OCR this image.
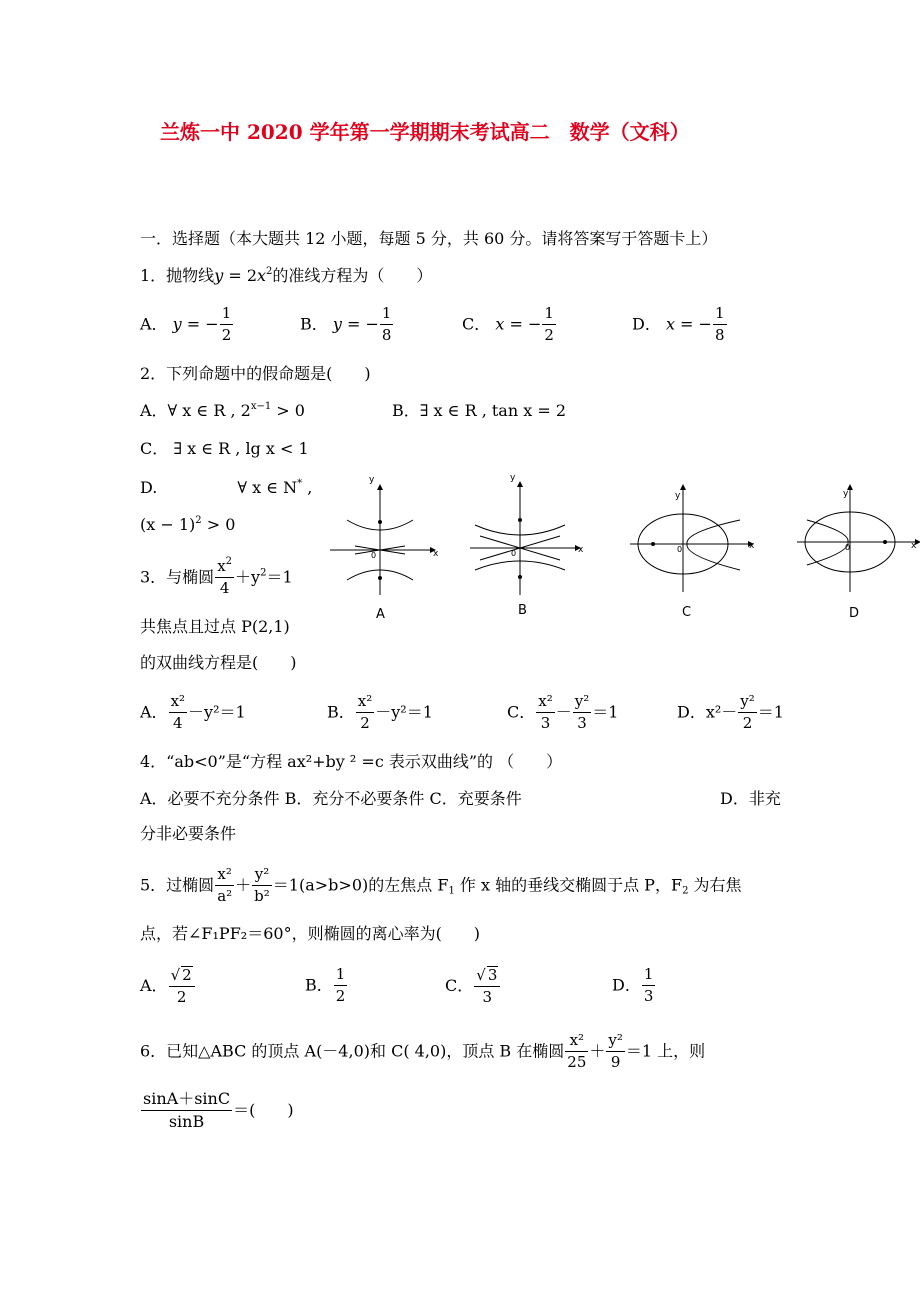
兰炼一中 2020 学年第一学期期末考试高二　数学（文科）
一．选择题（本大题共 12 小题，每题 5 分，共 60 分。请将答案写于答题卡上）
1．抛物线$y = 2x^2$的准线方程为（　　）
A． y = − $\frac{1}{2}$	B． y = − $\frac{1}{8}$	C． x = − $\frac{1}{2}$	D． x = − $\frac{1}{8}$
2．下列命题中的假命题是(　　)
A．∀ x ∈ R , $2^{x-1} > 0$	B．∃ x ∈ R , tan x = 2
C． ∃ x ∈ R , lg x < 1
D.　　　　　∀ x ∈ N* ,
$(x - 1)^2 > 0$
3．与椭圆 $\frac{x^2}{4} +y^2=1$
共焦点且过点 P(2,1)
的双曲线方程是(　　)
A． $\frac{\text{x²}}{4} -y^2=1$	B． $\frac{\text{x²}}{2} -y^2=1$	C． $\frac{\text{x²}}{3} - \frac{\text{y²}}{3} =1$	D．$x^2- \frac{\text{y²}}{2} =1$
x
y
0
x
y
0
x
y
0	x
y
0
A	B	C	D
4．“ab<0”是“方程 ax²+by ² =c 表示双曲线”的 （　　）
A．必要不充分条件 B．充分不必要条件 C．充要条件	D．非充
分非必要条件
5．过椭圆 $\frac{\text{x²}}{\text{a²}} + \frac{\text{y²}}{\text{b²}} =1(a>b>0)$的左焦点 $F_1$ 作 x 轴的垂线交椭圆于点 P，$F_2$ 为右焦
点，若∠F₁PF₂＝60°，则椭圆的离心率为(　　)
A． $\frac{√ 2}{2}$	B． $\frac{1}{2}$	C． $\frac{√ 3}{3}$	D． $\frac{1}{3}$
6．已知△ABC 的顶点 A(－4,0)和 C( 4,0)，顶点 B 在椭圆 $\frac{\text{x²}}{25} + \frac{\text{y²}}{9} =1$ 上，则
$\frac{\sin A+\sin C}{\sin B}$ ＝(　　)
